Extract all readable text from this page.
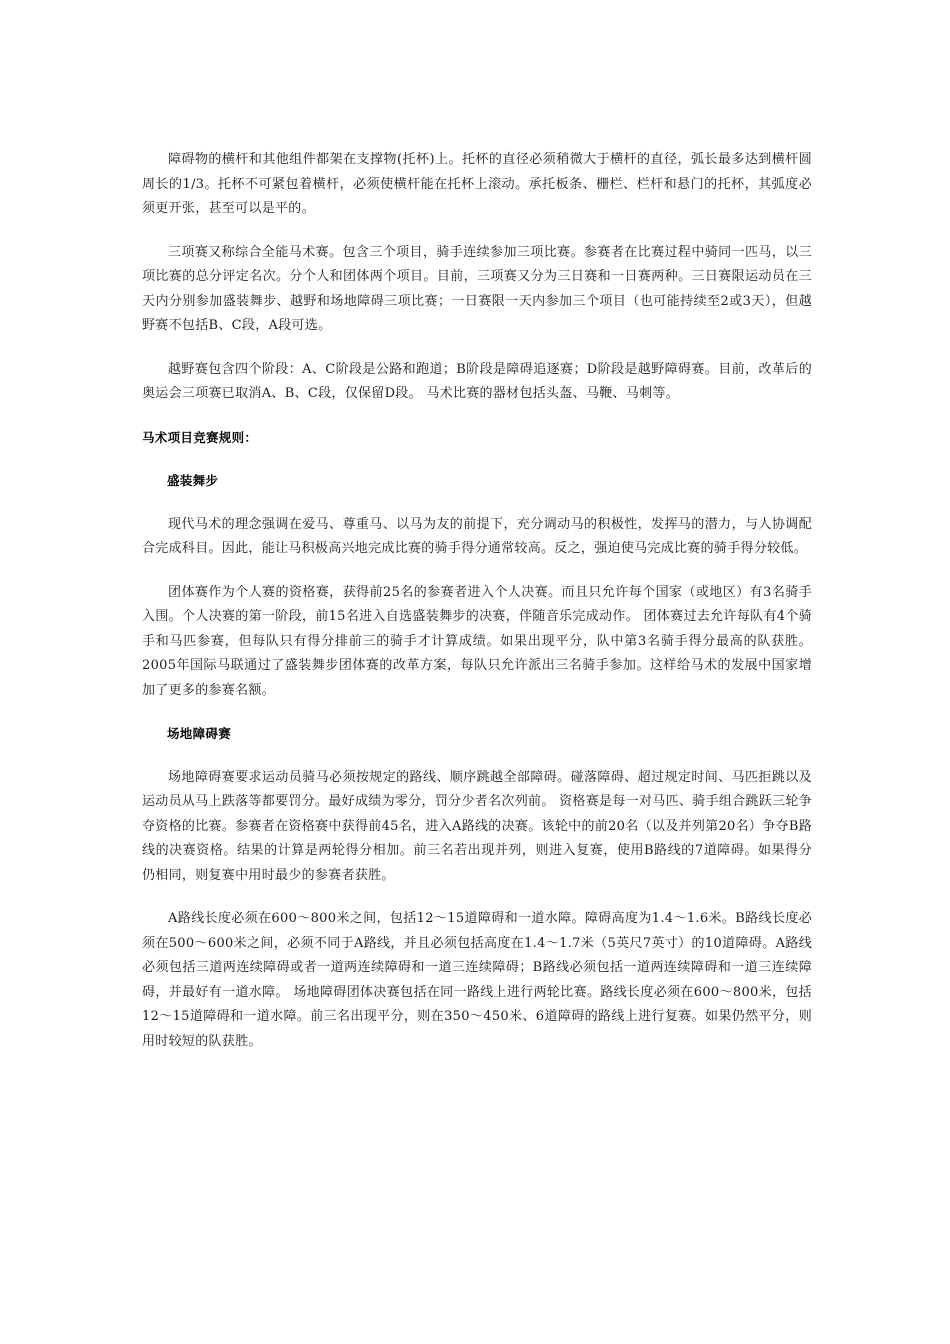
障碍物的横杆和其他组件都架在支撑物(托杯)上。托杯的直径必须稍微大于横杆的直径，弧长最多达到横杆圆周长的1/3。托杯不可紧包着横杆，必须使横杆能在托杯上滚动。承托板条、栅栏、栏杆和悬门的托杯，其弧度必须更开张，甚至可以是平的。

三项赛又称综合全能马术赛。包含三个项目，骑手连续参加三项比赛。参赛者在比赛过程中骑同一匹马，以三项比赛的总分评定名次。分个人和团体两个项目。目前，三项赛又分为三日赛和一日赛两种。三日赛限运动员在三天内分别参加盛装舞步、越野和场地障碍三项比赛；一日赛限一天内参加三个项目（也可能持续至2或3天），但越野赛不包括B、C段，A段可选。

越野赛包含四个阶段：A、C阶段是公路和跑道；B阶段是障碍追逐赛；D阶段是越野障碍赛。目前，改革后的奥运会三项赛已取消A、B、C段，仅保留D段。 马术比赛的器材包括头盔、马鞭、马刺等。

马术项目竞赛规则：
盛装舞步

现代马术的理念强调在爱马、尊重马、以马为友的前提下，充分调动马的积极性，发挥马的潜力，与人协调配合完成科目。因此，能让马积极高兴地完成比赛的骑手得分通常较高。反之，强迫使马完成比赛的骑手得分较低。

团体赛作为个人赛的资格赛，获得前25名的参赛者进入个人决赛。而且只允许每个国家（或地区）有3名骑手入围。个人决赛的第一阶段，前15名进入自选盛装舞步的决赛，伴随音乐完成动作。 团体赛过去允许每队有4个骑手和马匹参赛，但每队只有得分排前三的骑手才计算成绩。如果出现平分，队中第3名骑手得分最高的队获胜。2005年国际马联通过了盛装舞步团体赛的改革方案，每队只允许派出三名骑手参加。这样给马术的发展中国家增加了更多的参赛名额。

场地障碍赛

场地障碍赛要求运动员骑马必须按规定的路线、顺序跳越全部障碍。碰落障碍、超过规定时间、马匹拒跳以及运动员从马上跌落等都要罚分。最好成绩为零分，罚分少者名次列前。 资格赛是每一对马匹、骑手组合跳跃三轮争夺资格的比赛。参赛者在资格赛中获得前45名，进入A路线的决赛。该轮中的前20名（以及并列第20名）争夺B路线的决赛资格。结果的计算是两轮得分相加。前三名若出现并列，则进入复赛，使用B路线的7道障碍。如果得分仍相同，则复赛中用时最少的参赛者获胜。

A路线长度必须在600～800米之间，包括12～15道障碍和一道水障。障碍高度为1.4～1.6米。B路线长度必须在500～600米之间，必须不同于A路线，并且必须包括高度在1.4～1.7米（5英尺7英寸）的10道障碍。A路线必须包括三道两连续障碍或者一道两连续障碍和一道三连续障碍；B路线必须包括一道两连续障碍和一道三连续障碍，并最好有一道水障。 场地障碍团体决赛包括在同一路线上进行两轮比赛。路线长度必须在600～800米，包括12～15道障碍和一道水障。前三名出现平分，则在350～450米、6道障碍的路线上进行复赛。如果仍然平分，则用时较短的队获胜。
